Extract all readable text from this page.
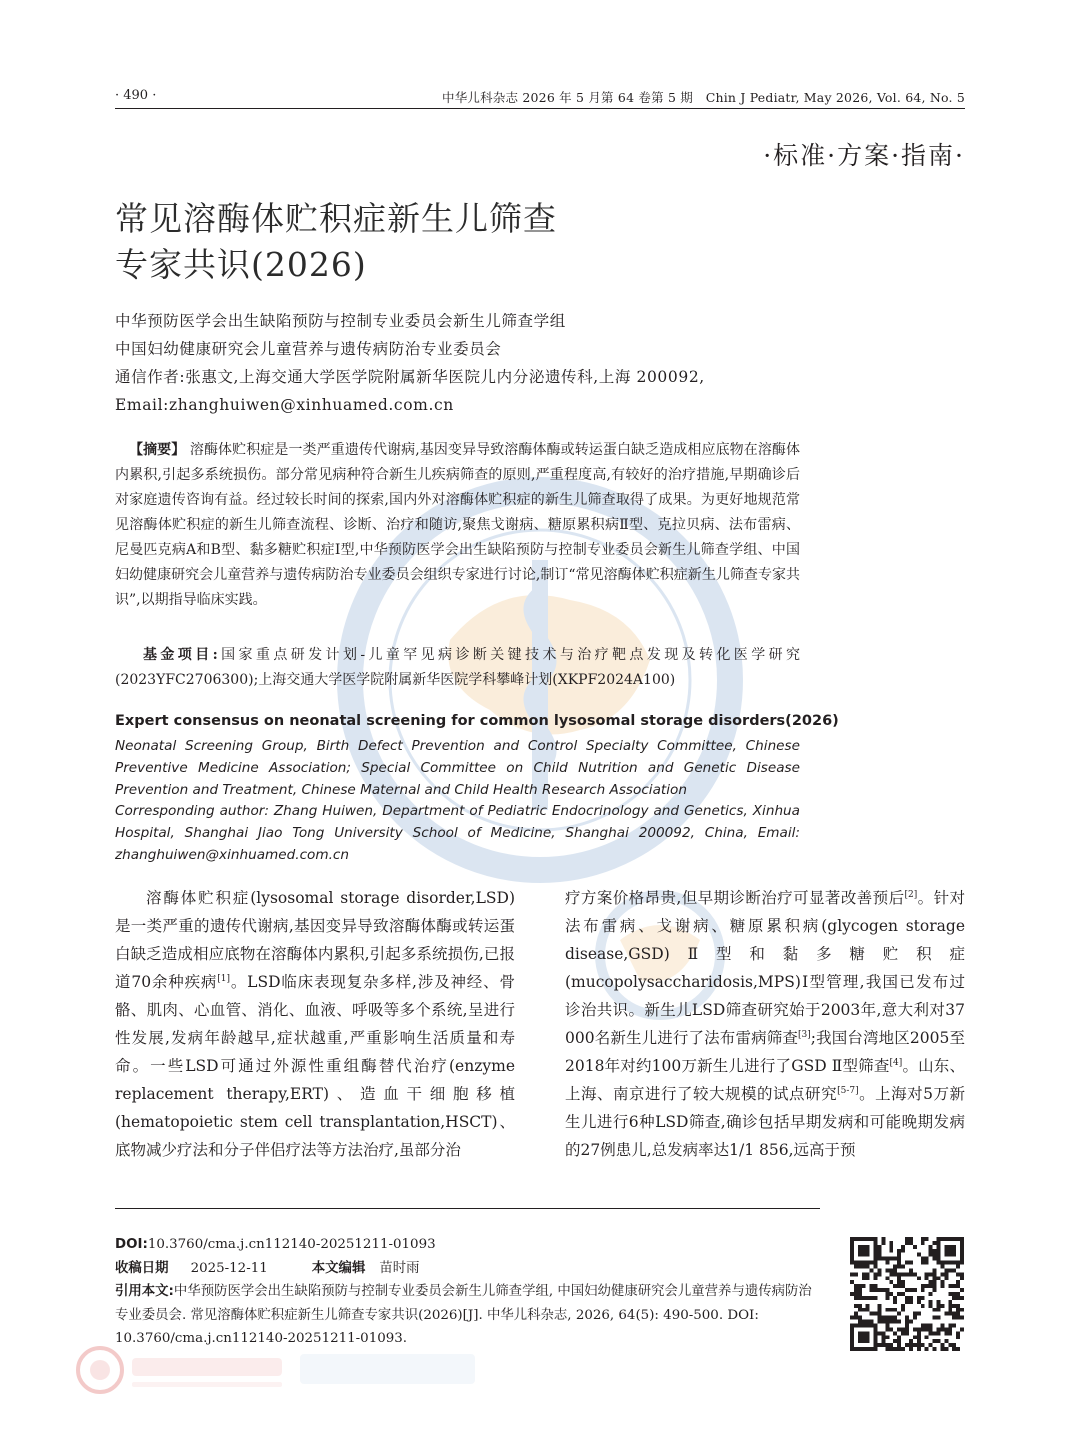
· 490 ·	中华儿科杂志 2026 年 5 月第 64 卷第 5 期　Chin J Pediatr, May 2026, Vol. 64, No. 5
·标准·方案·指南·
常见溶酶体贮积症新生儿筛查
专家共识(2026)
中华预防医学会出生缺陷预防与控制专业委员会新生儿筛查学组
中国妇幼健康研究会儿童营养与遗传病防治专业委员会
通信作者:张惠文,上海交通大学医学院附属新华医院儿内分泌遗传科,上海 200092,
Email:zhanghuiwen@xinhuamed.com.cn
【摘要】 溶酶体贮积症是一类严重遗传代谢病,基因变异导致溶酶体酶或转运蛋白缺乏造成相应底物在溶酶体内累积,引起多系统损伤。部分常见病种符合新生儿疾病筛查的原则,严重程度高,有较好的治疗措施,早期确诊后对家庭遗传咨询有益。经过较长时间的探索,国内外对溶酶体贮积症的新生儿筛查取得了成果。为更好地规范常见溶酶体贮积症的新生儿筛查流程、诊断、治疗和随访,聚焦戈谢病、糖原累积病Ⅱ型、克拉贝病、法布雷病、尼曼匹克病A和B型、黏多糖贮积症Ⅰ型,中华预防医学会出生缺陷预防与控制专业委员会新生儿筛查学组、中国妇幼健康研究会儿童营养与遗传病防治专业委员会组织专家进行讨论,制订“常见溶酶体贮积症新生儿筛查专家共识”,以期指导临床实践。
基金项目:国家重点研发计划-儿童罕见病诊断关键技术与治疗靶点发现及转化医学研究(2023YFC2706300);上海交通大学医学院附属新华医院学科攀峰计划(XKPF2024A100)
Expert consensus on neonatal screening for common lysosomal storage disorders(2026)
Neonatal Screening Group, Birth Defect Prevention and Control Specialty Committee, Chinese Preventive Medicine Association; Special Committee on Child Nutrition and Genetic Disease Prevention and Treatment, Chinese Maternal and Child Health Research Association
Corresponding author: Zhang Huiwen, Department of Pediatric Endocrinology and Genetics, Xinhua Hospital, Shanghai Jiao Tong University School of Medicine, Shanghai 200092, China, Email: zhanghuiwen@xinhuamed.com.cn
溶酶体贮积症(lysosomal storage disorder,LSD)是一类严重的遗传代谢病,基因变异导致溶酶体酶或转运蛋白缺乏造成相应底物在溶酶体内累积,引起多系统损伤,已报道70余种疾病[1]。LSD临床表现复杂多样,涉及神经、骨骼、肌肉、心血管、消化、血液、呼吸等多个系统,呈进行性发展,发病年龄越早,症状越重,严重影响生活质量和寿命。一些LSD可通过外源性重组酶替代治疗(enzyme replacement therapy,ERT)、造血干细胞移植(hematopoietic stem cell transplantation,HSCT)、底物减少疗法和分子伴侣疗法等方法治疗,虽部分治
疗方案价格昂贵,但早期诊断治疗可显著改善预后[2]。针对法布雷病、戈谢病、糖原累积病(glycogen storage disease,GSD)Ⅱ型和黏多糖贮积症(mucopolysaccharidosis,MPS)Ⅰ型管理,我国已发布过诊治共识。新生儿LSD筛查研究始于2003年,意大利对37 000名新生儿进行了法布雷病筛查[3];我国台湾地区2005至2018年对约100万新生儿进行了GSD Ⅱ型筛查[4]。山东、上海、南京进行了较大规模的试点研究[5-7]。上海对5万新生儿进行6种LSD筛查,确诊包括早期发病和可能晚期发病的27例患儿,总发病率达1/1 856,远高于预
DOI:10.3760/cma.j.cn112140-20251211-01093
收稿日期 2025-12-11	本文编辑 苗时雨
引用本文:中华预防医学会出生缺陷预防与控制专业委员会新生儿筛查学组, 中国妇幼健康研究会儿童营养与遗传病防治专业委员会. 常见溶酶体贮积症新生儿筛查专家共识(2026)[J]. 中华儿科杂志, 2026, 64(5): 490-500. DOI: 10.3760/cma.j.cn112140-20251211-01093.
